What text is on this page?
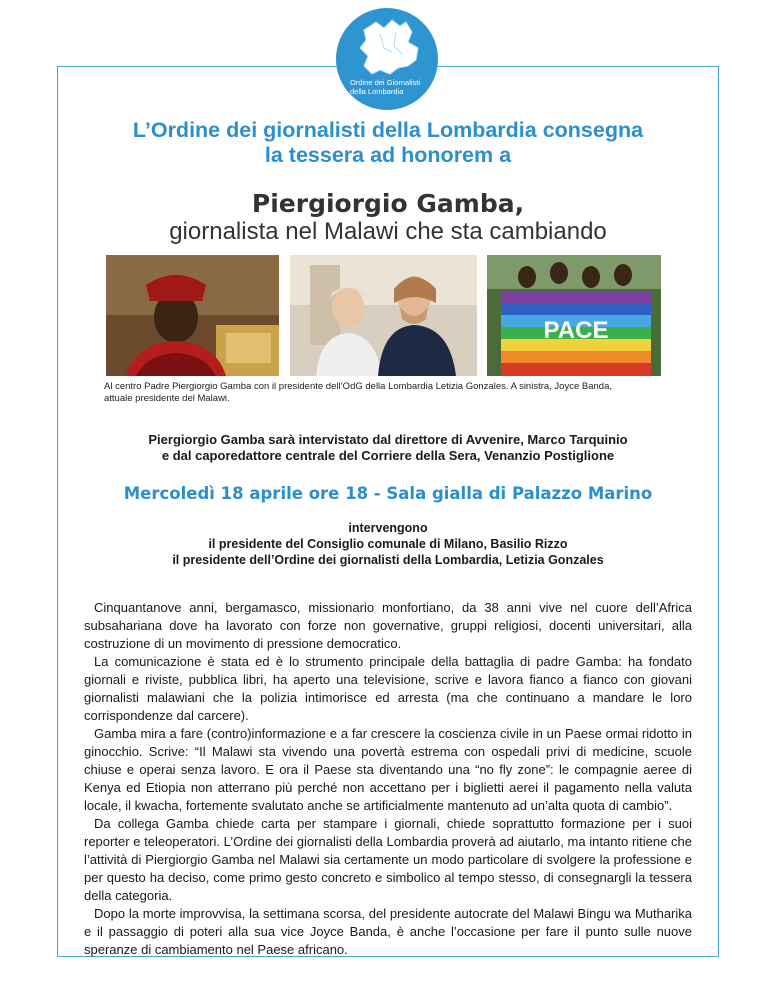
Ordine dei Giornalisti
della Lombardia
L’Ordine dei giornalisti della Lombardia consegna
la tessera ad honorem a
Piergiorgio Gamba,
giornalista nel Malawi che sta cambiando
PACE
Al centro Padre Piergiorgio Gamba con il presidente dell’OdG della Lombardia Letizia Gonzales. A sinistra, Joyce Banda,
attuale presidente del Malawi.
Piergiorgio Gamba sarà intervistato dal direttore di Avvenire, Marco Tarquinio
e dal caporedattore centrale del Corriere della Sera, Venanzio Postiglione
Mercoledì 18 aprile ore 18 - Sala gialla di Palazzo Marino
intervengono
il presidente del Consiglio comunale di Milano, Basilio Rizzo
il presidente dell’Ordine dei giornalisti della Lombardia, Letizia Gonzales

Cinquantanove anni, bergamasco, missionario monfortiano, da 38 anni vive nel cuore dell’Africa subsahariana dove ha lavorato con forze non governative, gruppi religiosi, docenti universitari, alla costruzione di un movimento di pressione democratico.

La comunicazione è stata ed è lo strumento principale della battaglia di padre Gamba: ha fondato giornali e riviste, pubblica libri, ha aperto una televisione, scrive e lavora fianco a fianco con giovani giornalisti malawiani che la polizia intimorisce ed arresta (ma che continuano a mandare le loro corrispondenze dal carcere).

Gamba mira a fare (contro)informazione e a far crescere la coscienza civile in un Paese ormai ridotto in ginocchio. Scrive: “Il Malawi sta vivendo una povertà estrema con ospedali privi di medicine, scuole chiuse e operai senza lavoro. E ora il Paese sta diventando una “no fly zone”: le compagnie aeree di Kenya ed Etiopia non atterrano più perché non accettano per i biglietti aerei il pagamento nella valuta locale, il kwacha, fortemente svalutato anche se artificialmente mantenuto ad un’alta quota di cambio”.

Da collega Gamba chiede carta per stampare i giornali, chiede soprattutto formazione per i suoi reporter e teleoperatori. L’Ordine dei giornalisti della Lombardia proverà ad aiutarlo, ma intanto ritiene che l’attività di Piergiorgio Gamba nel Malawi sia certamente un modo particolare di svolgere la professione e per questo ha deciso, come primo gesto concreto e simbolico al tempo stesso, di consegnargli la tessera della categoria.

Dopo la morte improvvisa, la settimana scorsa, del presidente autocrate del Malawi Bingu wa Mutharika e il passaggio di poteri alla sua vice Joyce Banda, è anche l’occasione per fare il punto sulle nuove speranze di cambiamento nel Paese africano.
